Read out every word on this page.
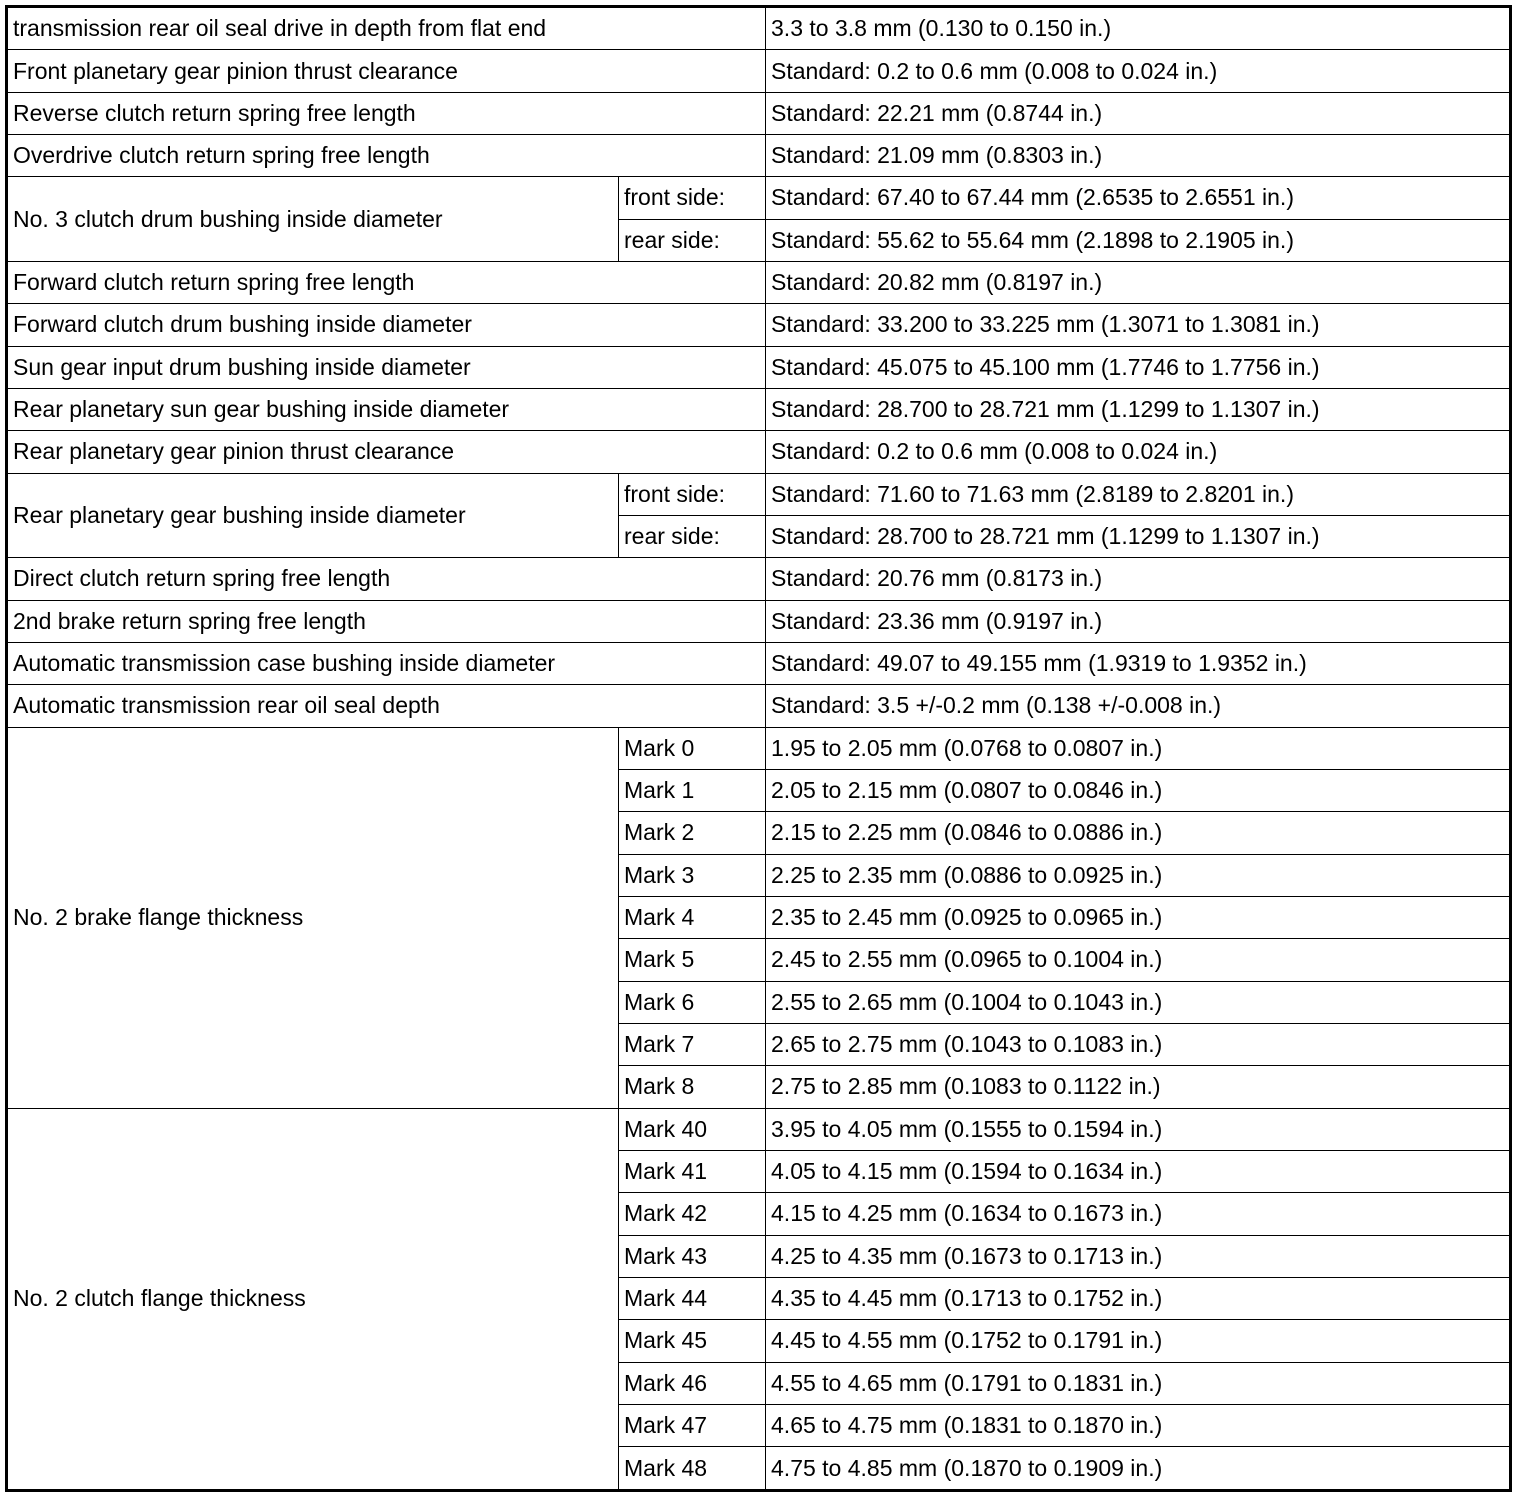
transmission rear oil seal drive in depth from flat end		3.3 to 3.8 mm (0.130 to 0.150 in.)
Front planetary gear pinion thrust clearance		Standard: 0.2 to 0.6 mm (0.008 to 0.024 in.)
Reverse clutch return spring free length		Standard: 22.21 mm (0.8744 in.)
Overdrive clutch return spring free length		Standard: 21.09 mm (0.8303 in.)
No. 3 clutch drum bushing inside diameter	front side:	Standard: 67.40 to 67.44 mm (2.6535 to 2.6551 in.)
	rear side:	Standard: 55.62 to 55.64 mm (2.1898 to 2.1905 in.)
Forward clutch return spring free length		Standard: 20.82 mm (0.8197 in.)
Forward clutch drum bushing inside diameter		Standard: 33.200 to 33.225 mm (1.3071 to 1.3081 in.)
Sun gear input drum bushing inside diameter		Standard: 45.075 to 45.100 mm (1.7746 to 1.7756 in.)
Rear planetary sun gear bushing inside diameter		Standard: 28.700 to 28.721 mm (1.1299 to 1.1307 in.)
Rear planetary gear pinion thrust clearance		Standard: 0.2 to 0.6 mm (0.008 to 0.024 in.)
Rear planetary gear bushing inside diameter	front side:	Standard: 71.60 to 71.63 mm (2.8189 to 2.8201 in.)
	rear side:	Standard: 28.700 to 28.721 mm (1.1299 to 1.1307 in.)
Direct clutch return spring free length		Standard: 20.76 mm (0.8173 in.)
2nd brake return spring free length		Standard: 23.36 mm (0.9197 in.)
Automatic transmission case bushing inside diameter		Standard: 49.07 to 49.155 mm (1.9319 to 1.9352 in.)
Automatic transmission rear oil seal depth		Standard: 3.5 +/-0.2 mm (0.138 +/-0.008 in.)
No. 2 brake flange thickness	Mark 0	1.95 to 2.05 mm (0.0768 to 0.0807 in.)
	Mark 1	2.05 to 2.15 mm (0.0807 to 0.0846 in.)
	Mark 2	2.15 to 2.25 mm (0.0846 to 0.0886 in.)
	Mark 3	2.25 to 2.35 mm (0.0886 to 0.0925 in.)
	Mark 4	2.35 to 2.45 mm (0.0925 to 0.0965 in.)
	Mark 5	2.45 to 2.55 mm (0.0965 to 0.1004 in.)
	Mark 6	2.55 to 2.65 mm (0.1004 to 0.1043 in.)
	Mark 7	2.65 to 2.75 mm (0.1043 to 0.1083 in.)
	Mark 8	2.75 to 2.85 mm (0.1083 to 0.1122 in.)
No. 2 clutch flange thickness	Mark 40	3.95 to 4.05 mm (0.1555 to 0.1594 in.)
	Mark 41	4.05 to 4.15 mm (0.1594 to 0.1634 in.)
	Mark 42	4.15 to 4.25 mm (0.1634 to 0.1673 in.)
	Mark 43	4.25 to 4.35 mm (0.1673 to 0.1713 in.)
	Mark 44	4.35 to 4.45 mm (0.1713 to 0.1752 in.)
	Mark 45	4.45 to 4.55 mm (0.1752 to 0.1791 in.)
	Mark 46	4.55 to 4.65 mm (0.1791 to 0.1831 in.)
	Mark 47	4.65 to 4.75 mm (0.1831 to 0.1870 in.)
	Mark 48	4.75 to 4.85 mm (0.1870 to 0.1909 in.)
